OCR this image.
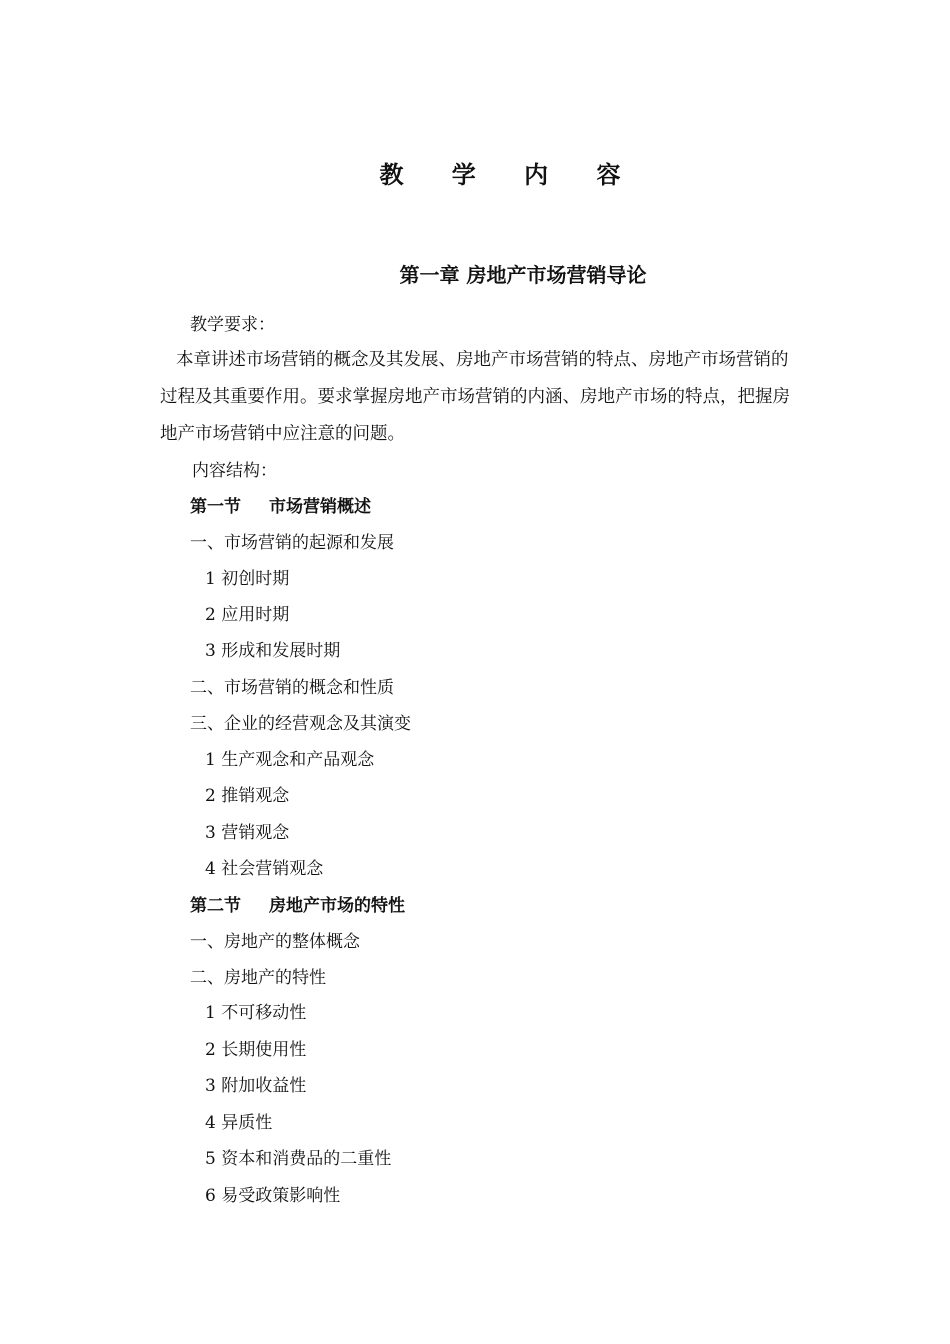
教 学 内 容
第一章 房地产市场营销导论
教学要求：
本章讲述市场营销的概念及其发展、房地产市场营销的特点、房地产市场营销的
过程及其重要作用。要求掌握房地产市场营销的内涵、房地产市场的特点，把握房
地产市场营销中应注意的问题。
内容结构：
第一节 市场营销概述
一、市场营销的起源和发展
1 初创时期
2 应用时期
3 形成和发展时期
二、市场营销的概念和性质
三、企业的经营观念及其演变
1 生产观念和产品观念
2 推销观念
3 营销观念
4 社会营销观念
第二节 房地产市场的特性
一、房地产的整体概念
二、房地产的特性
1 不可移动性
2 长期使用性
3 附加收益性
4 异质性
5 资本和消费品的二重性
6 易受政策影响性
